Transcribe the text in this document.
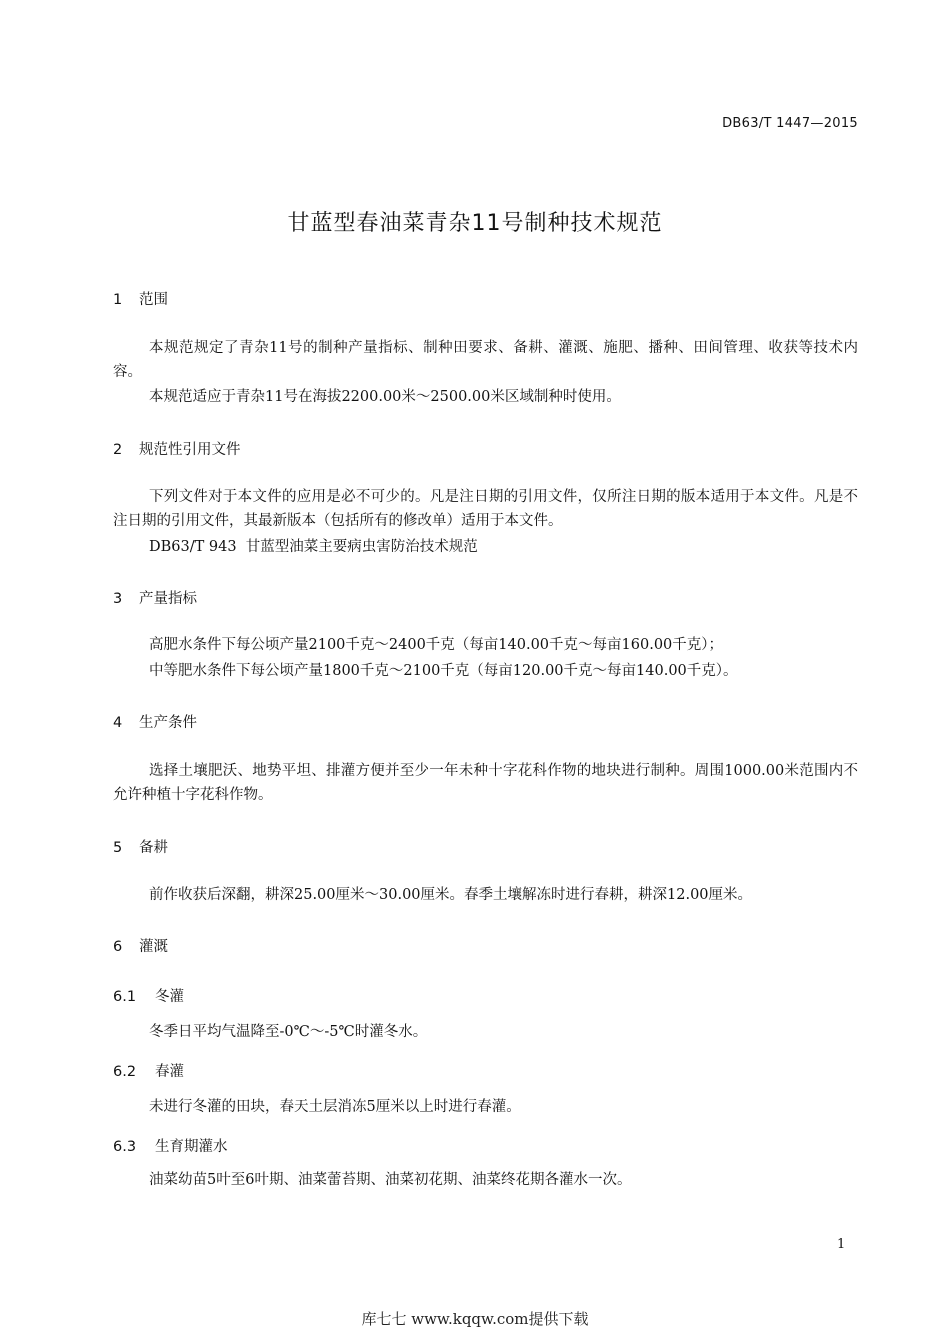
DB63/T 1447—2015
甘蓝型春油菜青杂11号制种技术规范
1 范围

本规范规定了青杂11号的制种产量指标、制种田要求、备耕、灌溉、施肥、播种、田间管理、收获等技术内容。

本规范适应于青杂11号在海拔2200.00米～2500.00米区域制种时使用。

2 规范性引用文件

下列文件对于本文件的应用是必不可少的。凡是注日期的引用文件，仅所注日期的版本适用于本文件。凡是不注日期的引用文件，其最新版本（包括所有的修改单）适用于本文件。

DB63/T 943  甘蓝型油菜主要病虫害防治技术规范

3 产量指标

高肥水条件下每公顷产量2100千克～2400千克（每亩140.00千克～每亩160.00千克）；

中等肥水条件下每公顷产量1800千克～2100千克（每亩120.00千克～每亩140.00千克）。

4 生产条件

选择土壤肥沃、地势平坦、排灌方便并至少一年未种十字花科作物的地块进行制种。周围1000.00米范围内不允许种植十字花科作物。

5 备耕

前作收获后深翻，耕深25.00厘米～30.00厘米。春季土壤解冻时进行春耕，耕深12.00厘米。

6 灌溉
6.1 冬灌

冬季日平均气温降至-0℃～-5℃时灌冬水。

6.2 春灌

未进行冬灌的田块，春天土层消冻5厘米以上时进行春灌。

6.3 生育期灌水

油菜幼苗5叶至6叶期、油菜蕾苔期、油菜初花期、油菜终花期各灌水一次。

1
库七七 www.kqqw.com提供下载
